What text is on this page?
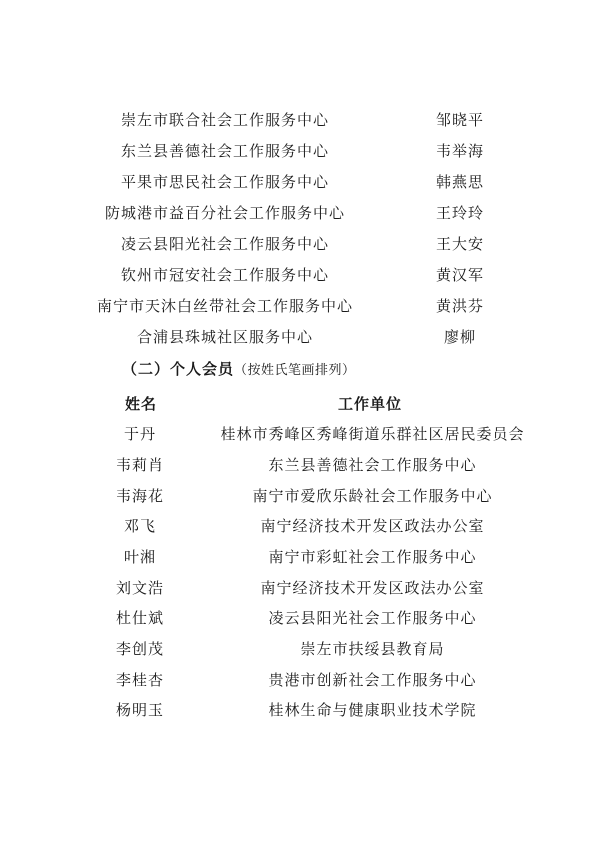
崇左市联合社会工作服务中心	邹晓平
东兰县善德社会工作服务中心	韦举海
平果市思民社会工作服务中心	韩燕思
防城港市益百分社会工作服务中心	王玲玲
凌云县阳光社会工作服务中心	王大安
钦州市冠安社会工作服务中心	黄汉军
南宁市天沐白丝带社会工作服务中心	黄洪芬
合浦县珠城社区服务中心	廖柳
（二）个人会员（按姓氏笔画排列）
姓名	工作单位
于丹	桂林市秀峰区秀峰街道乐群社区居民委员会
韦莉肖	东兰县善德社会工作服务中心
韦海花	南宁市爱欣乐龄社会工作服务中心
邓飞	南宁经济技术开发区政法办公室
叶湘	南宁市彩虹社会工作服务中心
刘文浩	南宁经济技术开发区政法办公室
杜仕斌	凌云县阳光社会工作服务中心
李创茂	崇左市扶绥县教育局
李桂杏	贵港市创新社会工作服务中心
杨明玉	桂林生命与健康职业技术学院
